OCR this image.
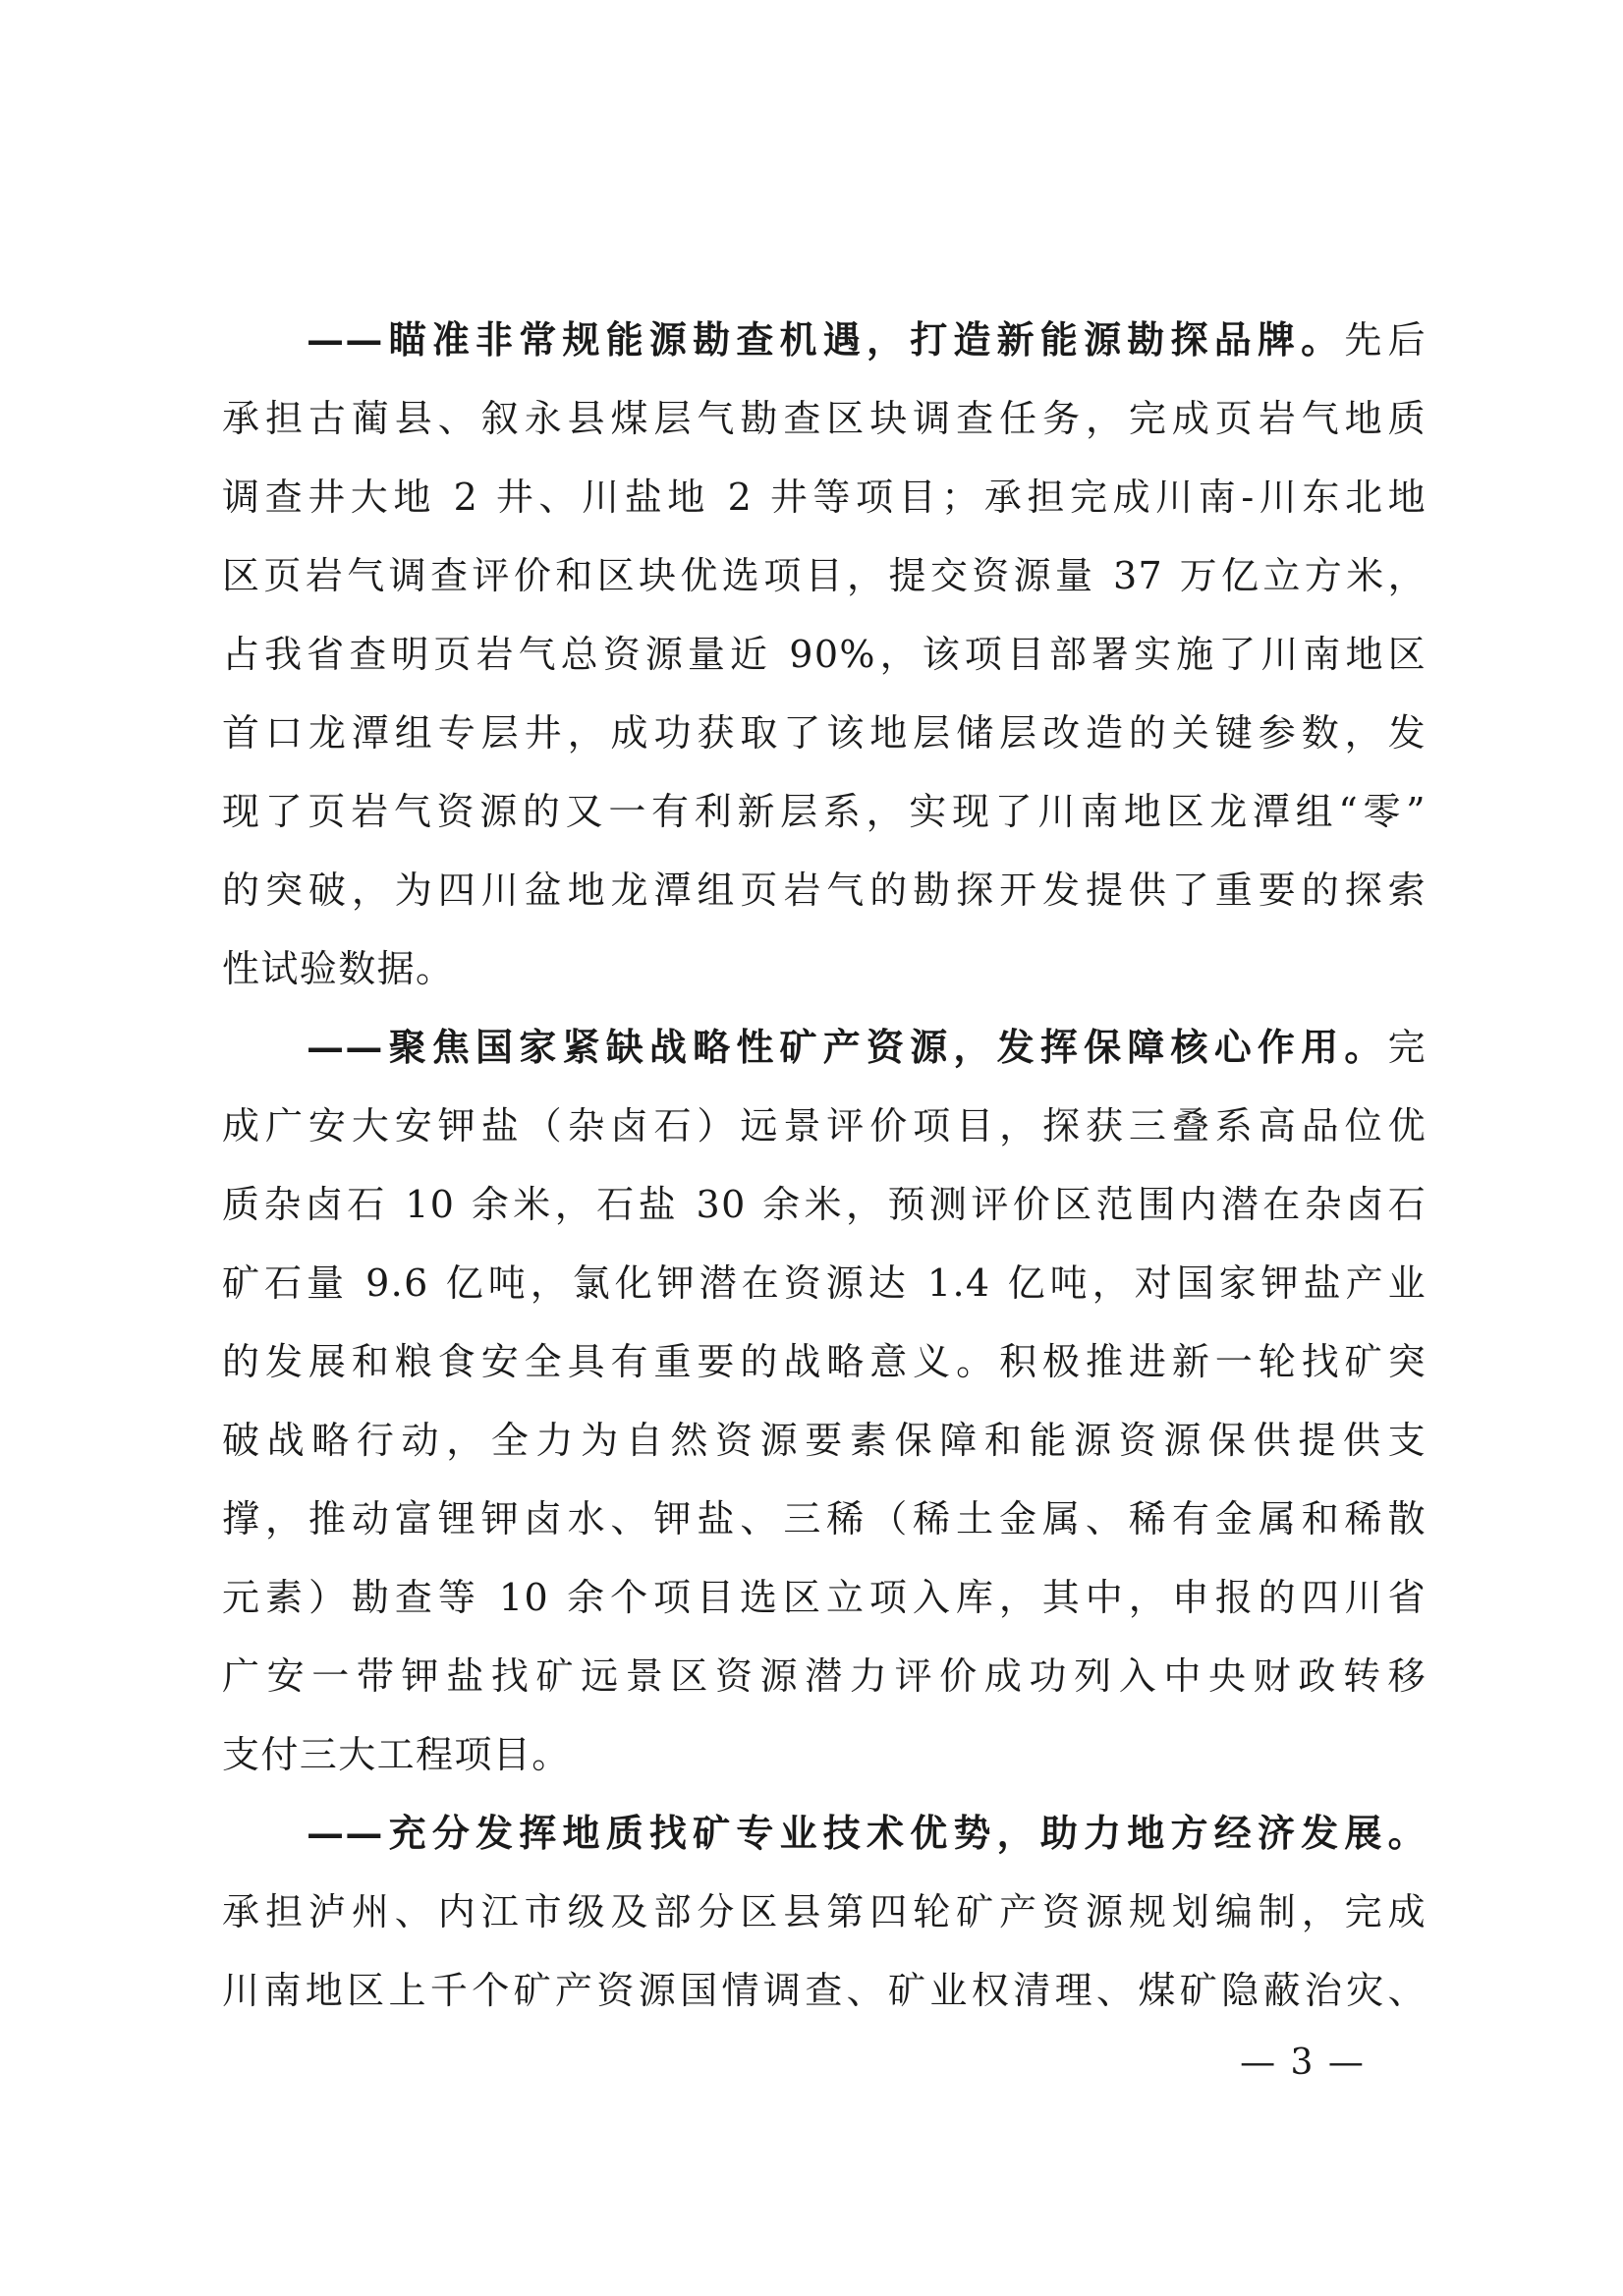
——瞄准非常规能源勘查机遇，打造新能源勘探品牌。先后
承担古蔺县、叙永县煤层气勘查区块调查任务，完成页岩气地质
调查井大地 2 井、川盐地 2 井等项目；承担完成川南-川东北地
区页岩气调查评价和区块优选项目，提交资源量 37 万亿立方米，
占我省查明页岩气总资源量近 90%，该项目部署实施了川南地区
首口龙潭组专层井，成功获取了该地层储层改造的关键参数，发
现了页岩气资源的又一有利新层系，实现了川南地区龙潭组“零”
的突破，为四川盆地龙潭组页岩气的勘探开发提供了重要的探索
性试验数据。

——聚焦国家紧缺战略性矿产资源，发挥保障核心作用。完
成广安大安钾盐（杂卤石）远景评价项目，探获三叠系高品位优
质杂卤石 10 余米，石盐 30 余米，预测评价区范围内潜在杂卤石
矿石量 9.6 亿吨，氯化钾潜在资源达 1.4 亿吨，对国家钾盐产业
的发展和粮食安全具有重要的战略意义。积极推进新一轮找矿突
破战略行动，全力为自然资源要素保障和能源资源保供提供支
撑，推动富锂钾卤水、钾盐、三稀（稀土金属、稀有金属和稀散
元素）勘查等 10 余个项目选区立项入库，其中，申报的四川省
广安一带钾盐找矿远景区资源潜力评价成功列入中央财政转移
支付三大工程项目。

——充分发挥地质找矿专业技术优势，助力地方经济发展。
承担泸州、内江市级及部分区县第四轮矿产资源规划编制，完成
川南地区上千个矿产资源国情调查、矿业权清理、煤矿隐蔽治灾、

— 3 —
